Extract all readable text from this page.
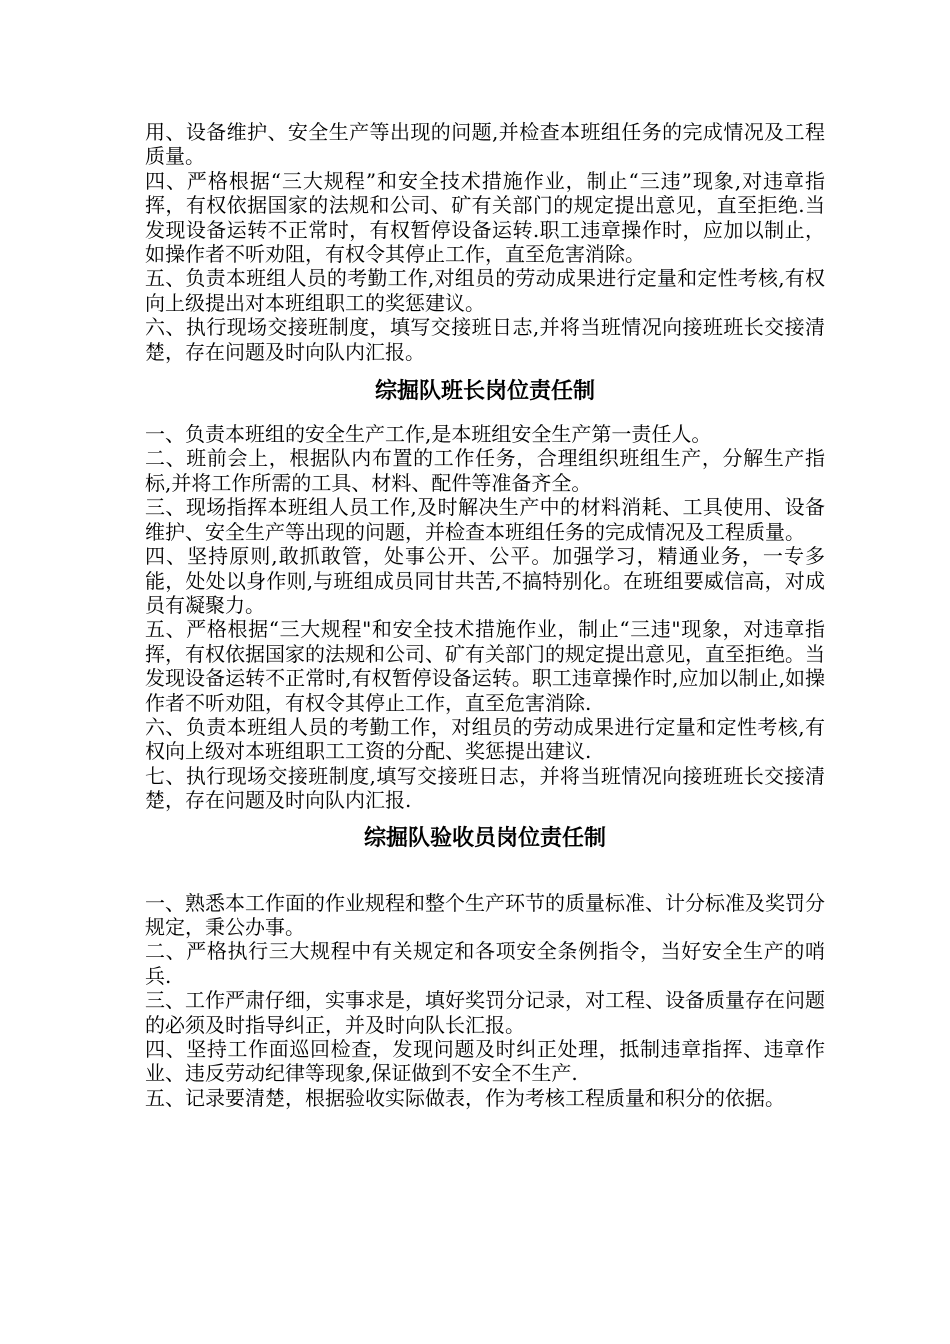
用、设备维护、安全生产等出现的问题,并检查本班组任务的完成情况及工程质量。

四、严格根据“三大规程”和安全技术措施作业，制止“三违”现象,对违章指挥，有权依据国家的法规和公司、矿有关部门的规定提出意见，直至拒绝.当发现设备运转不正常时，有权暂停设备运转.职工违章操作时，应加以制止，如操作者不听劝阻，有权令其停止工作，直至危害消除。

五、负责本班组人员的考勤工作,对组员的劳动成果进行定量和定性考核,有权向上级提出对本班组职工的奖惩建议。

六、执行现场交接班制度，填写交接班日志,并将当班情况向接班班长交接清楚，存在问题及时向队内汇报。

综掘队班长岗位责任制

一、负责本班组的安全生产工作,是本班组安全生产第一责任人。

二、班前会上，根据队内布置的工作任务，合理组织班组生产，分解生产指标,并将工作所需的工具、材料、配件等准备齐全。

三、现场指挥本班组人员工作,及时解决生产中的材料消耗、工具使用、设备维护、安全生产等出现的问题，并检查本班组任务的完成情况及工程质量。

四、坚持原则,敢抓敢管，处事公开、公平。加强学习，精通业务，一专多能，处处以身作则,与班组成员同甘共苦,不搞特别化。在班组要威信高，对成员有凝聚力。

五、严格根据“三大规程"和安全技术措施作业，制止“三违"现象，对违章指挥，有权依据国家的法规和公司、矿有关部门的规定提出意见，直至拒绝。当发现设备运转不正常时,有权暂停设备运转。职工违章操作时,应加以制止,如操作者不听劝阻，有权令其停止工作，直至危害消除.

六、负责本班组人员的考勤工作，对组员的劳动成果进行定量和定性考核,有权向上级对本班组职工工资的分配、奖惩提出建议.

七、执行现场交接班制度,填写交接班日志，并将当班情况向接班班长交接清楚，存在问题及时向队内汇报.

综掘队验收员岗位责任制

一、熟悉本工作面的作业规程和整个生产环节的质量标准、计分标准及奖罚分规定，秉公办事。

二、严格执行三大规程中有关规定和各项安全条例指令，当好安全生产的哨兵.

三、工作严肃仔细，实事求是，填好奖罚分记录，对工程、设备质量存在问题的必须及时指导纠正，并及时向队长汇报。

四、坚持工作面巡回检查，发现问题及时纠正处理，抵制违章指挥、违章作业、违反劳动纪律等现象,保证做到不安全不生产.

五、记录要清楚，根据验收实际做表，作为考核工程质量和积分的依据。
